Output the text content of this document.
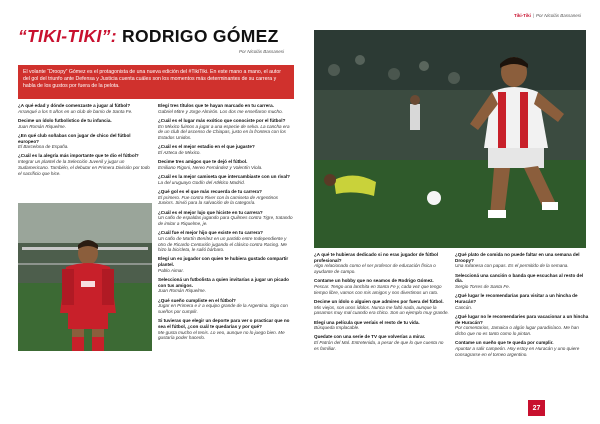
“TIKI-TIKI”: RODRIGO GÓMEZ
Por Nicolás Bassanesi
El volante “Droopy” Gómez es el protagonista de una nueva edición del #TikiTiki. En este mano a mano, el autor del gol del triunfo ante Defensa y Justicia cuenta cuáles son los momentos más determinantes de su carrera y habla de los gustos por fuera de la pelota.
¿A qué edad y dónde comenzaste a jugar al fútbol?
Arranqué a los 5 años en un club de barrio de Santa Fe.
Decime un ídolo futbolístico de tu infancia.
Juan Román Riquelme.
¿En qué club soñabas con jugar de chico del fútbol europeo?
El Barcelona de España.
¿Cuál es la alegría más importante que te dio el fútbol?
Integrar un plantel de la Selección Juvenil y jugar un Sudamericano. También, el debutar en Primera División por todo el sacrificio que hice.
Elegí tres títulos que te hayan marcado en tu carrera.
Gabriel Mitre y Jorge Almirón. Los dos me enseñaron mucho.
¿Cuál es el lugar más exótico que conociste por el fútbol?
En México fuimos a jugar a una especie de selva. La cancha era de un club del ascenso de Chiapas, justo en la frontera con los Estados Unidos.
¿Cuál es el mejor estadio en el que jugaste?
El Azteca de México.
Decime tres amigos que te dejó el fútbol.
Emiliano Rigoni, Nereo Fernández y Valentín Viola.
¿Cuál es la mejor camiseta que intercambiaste con un rival?
La del uruguayo Godín del Atlético Madrid.
¿Qué gol es el que más recuerda de tu carrera?
El primero. Fue contra River con la camiseta de Argentinos Juniors. Sirvió para la salvación de la categoría.
¿Cuál es el mejor lujo que hiciste en tu carrera?
Un caño de espaldas jugando para Quilmes contra Tigre, tratando de imitar a Riquelme, je.
¿Cuál fue el mejor hijo que existe en tu carrera?
Un caño de Martín Benítez en un partido entre Independiente y otro de Ricardo Centurión jugando el clásico contra Racing. Me hizo la bicicleta, le salió bárbaro.
Elegí un ex jugador con quien te hubiera gustado compartir plantel.
Pablo Aimar.
Seleccioná un futbolista a quien invitarías a jugar un picado con tus amigos.
Juan Román Riquelme.
¿Qué sueño cumpliste en el fútbol?
Jugar en Primera e ir a equipo grande de la Argentina. Sigo con sueños por cumplir.
Si tuvieras que elegir un deporte para ver o practicar que no sea el fútbol, ¿con cuál te quedarías y por qué?
Me gusta mucho el tenis. Lo veo, aunque no lo juego bien. Me gustaría poder hacerlo.
Tiki-Tiki | Por Nicolás Bassanesi
¿A qué te hubieras dedicado si no eras jugador de fútbol profesional?
Algo relacionado como el ser profesor de educación física o ayudante de campo.
Contame un hobby que no seamos de Rodrigo Gómez.
Pescar. Tengo una lanchita en Santa Fe y, cada vez que tengo tiempo libre, vamos con mis amigos y nos divertimos un rato.
Decime un ídolo o alguien que admires por fuera del fútbol.
Mis viejos, son unos ídolos. Nunca me faltó nada, aunque la pasamos muy mal cuando era chico. Son un ejemplo muy grande.
Elegí una película que veríais el resto de tu vida.
Búsqueda Implacable.
Quedate con una serie de TV que volverías a mirar.
El Patrón del Mal. Entretenida, a pesar de que lo que cuenta no es familiar.
¿Qué plato de comida no puede faltar en una semana del Droopy?
Una milanesa con papas. Es el permitido de la semana.
Seleccioná una canción o banda que escuchas al resto del día.
Sergio Torres de Santa Fe.
¿Qué lugar le recomendarías para visitar a un hincha de Huracán?
Cancún.
¿Qué lugar no le recomendaries para vacacionar a un hincha de Huracán?
Por comentarios, Jamaica o algún lugar paradisíaco. Me han dicho que no es tanto como lo pintan.
Contame un sueño que te queda por cumplir.
Apuntar a salir campeón. Hoy estoy en Huracán y uno quiere consagrarse en el torneo argentino.
27
